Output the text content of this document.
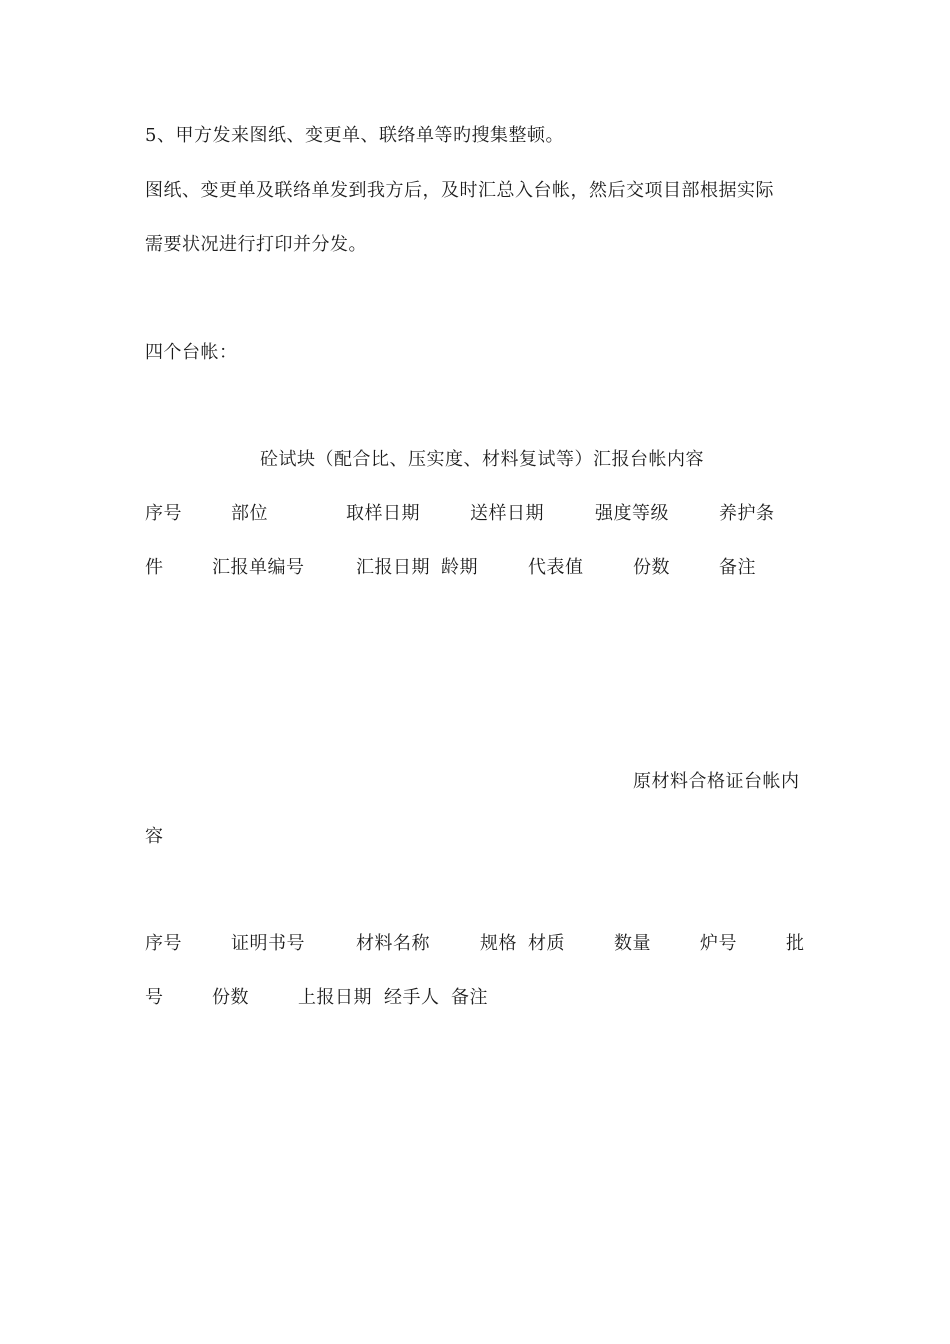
5、甲方发来图纸、变更单、联络单等旳搜集整顿。
图纸、变更单及联络单发到我方后，及时汇总入台帐，然后交项目部根据实际
需要状况进行打印并分发。
四个台帐：
砼试块（配合比、压实度、材料复试等）汇报台帐内容
序号	部位	取样日期	送样日期	强度等级	养护条
件	汇报单编号	汇报日期 龄期	代表值	份数	备注
原材料合格证台帐内
容
序号	证明书号	材料名称	规格 材质	数量	炉号	批
号	份数	上报日期 经手人 备注
